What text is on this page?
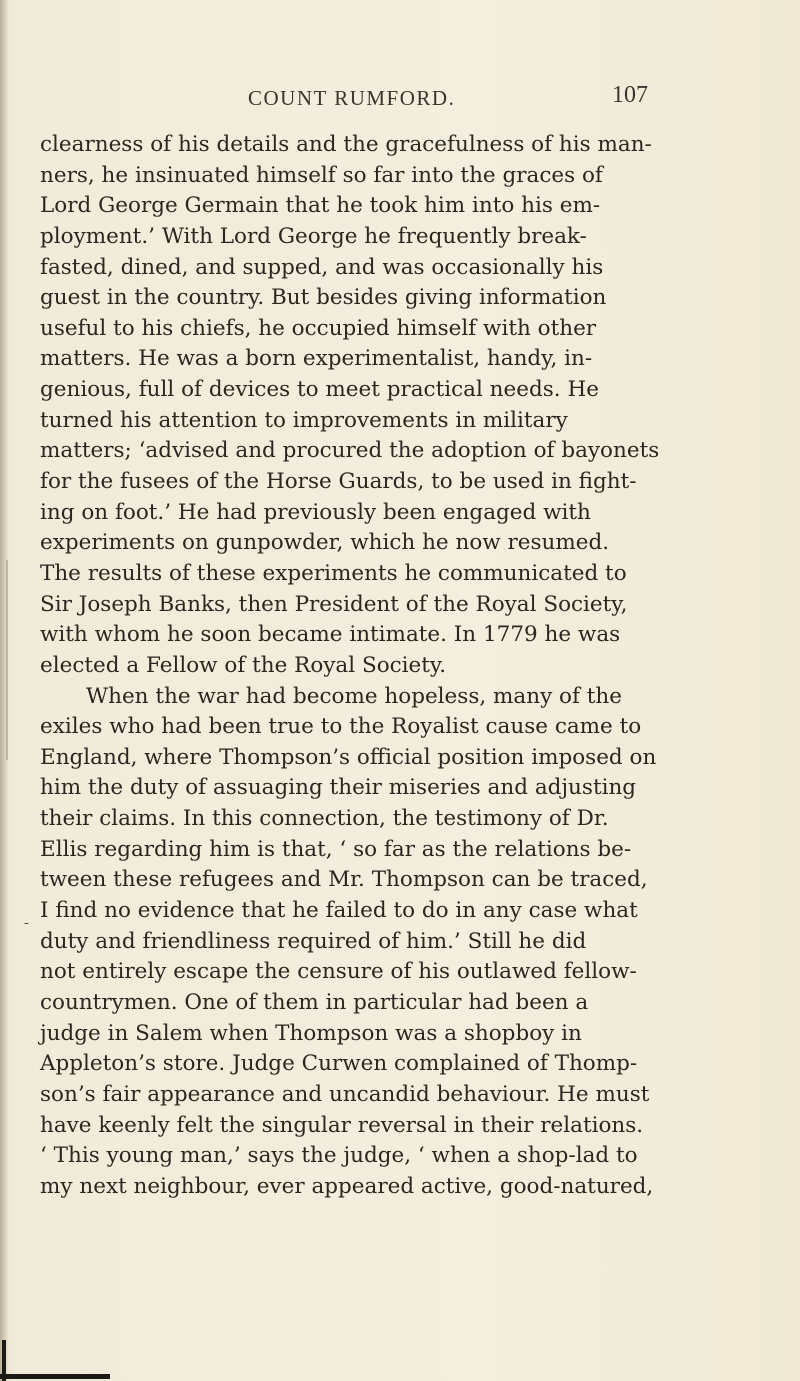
COUNT RUMFORD.	107
clearness of his details and the gracefulness of his man-
ners, he insinuated himself so far into the graces of
Lord George Germain that he took him into his em-
ployment.’ With Lord George he frequently break-
fasted, dined, and supped, and was occasionally his
guest in the country. But besides giving information
useful to his chiefs, he occupied himself with other
matters. He was a born experimentalist, handy, in-
genious, full of devices to meet practical needs. He
turned his attention to improvements in military
matters; ‘advised and procured the adoption of bayonets
for the fusees of the Horse Guards, to be used in fight-
ing on foot.’ He had previously been engaged with
experiments on gunpowder, which he now resumed.
The results of these experiments he communicated to
Sir Joseph Banks, then President of the Royal Society,
with whom he soon became intimate. In 1779 he was
elected a Fellow of the Royal Society.
When the war had become hopeless, many of the
exiles who had been true to the Royalist cause came to
England, where Thompson’s official position imposed on
him the duty of assuaging their miseries and adjusting
their claims. In this connection, the testimony of Dr.
Ellis regarding him is that, ‘ so far as the relations be-
tween these refugees and Mr. Thompson can be traced,
I find no evidence that he failed to do in any case what
duty and friendliness required of him.’ Still he did
not entirely escape the censure of his outlawed fellow-
countrymen. One of them in particular had been a
judge in Salem when Thompson was a shopboy in
Appleton’s store. Judge Curwen complained of Thomp-
son’s fair appearance and uncandid behaviour. He must
have keenly felt the singular reversal in their relations.
‘ This young man,’ says the judge, ‘ when a shop-lad to
my next neighbour, ever appeared active, good-natured,
-
